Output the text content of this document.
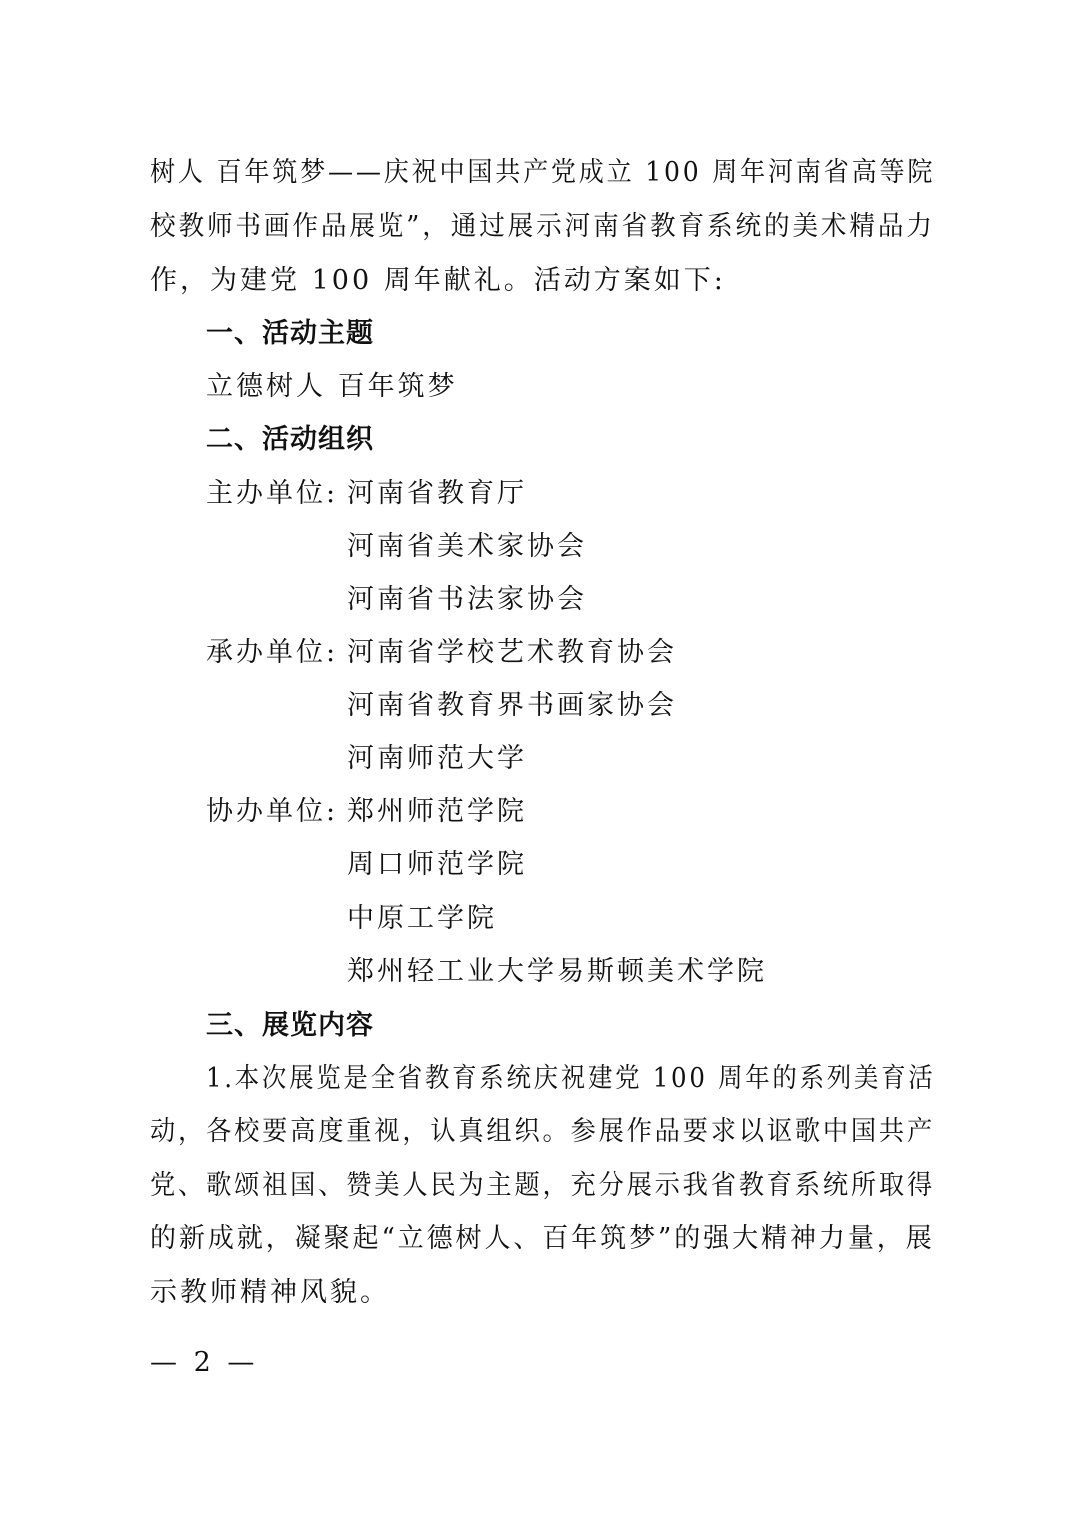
树人 百年筑梦——庆祝中国共产党成立 100 周年河南省高等院
校教师书画作品展览”，通过展示河南省教育系统的美术精品力
作，为建党 100 周年献礼。活动方案如下:
一、活动主题
立德树人 百年筑梦
二、活动组织
主办单位: 河南省教育厅
河南省美术家协会
河南省书法家协会
承办单位: 河南省学校艺术教育协会
河南省教育界书画家协会
河南师范大学
协办单位: 郑州师范学院
周口师范学院
中原工学院
郑州轻工业大学易斯顿美术学院
三、展览内容
1.本次展览是全省教育系统庆祝建党 100 周年的系列美育活
动，各校要高度重视，认真组织。参展作品要求以讴歌中国共产
党、歌颂祖国、赞美人民为主题，充分展示我省教育系统所取得
的新成就，凝聚起“立德树人、百年筑梦”的强大精神力量，展
示教师精神风貌。
— 2 —
